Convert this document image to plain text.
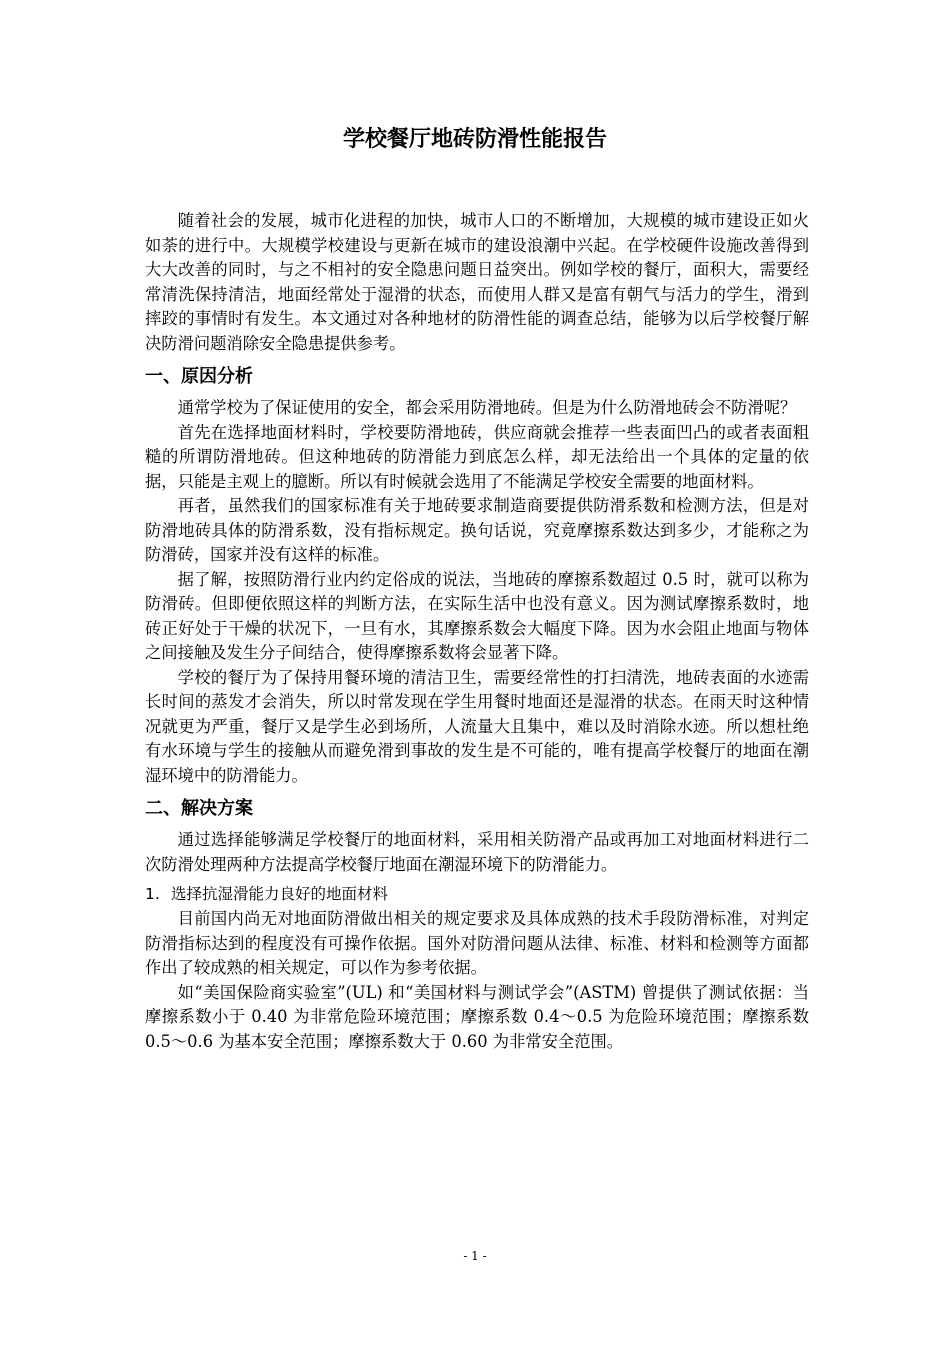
学校餐厅地砖防滑性能报告

随着社会的发展，城市化进程的加快，城市人口的不断增加，大规模的城市建设正如火如荼的进行中。大规模学校建设与更新在城市的建设浪潮中兴起。在学校硬件设施改善得到大大改善的同时，与之不相衬的安全隐患问题日益突出。例如学校的餐厅，面积大，需要经常清洗保持清洁，地面经常处于湿滑的状态，而使用人群又是富有朝气与活力的学生，滑到摔跤的事情时有发生。本文通过对各种地材的防滑性能的调查总结，能够为以后学校餐厅解决防滑问题消除安全隐患提供参考。

一、原因分析

通常学校为了保证使用的安全，都会采用防滑地砖。但是为什么防滑地砖会不防滑呢？

首先在选择地面材料时，学校要防滑地砖，供应商就会推荐一些表面凹凸的或者表面粗糙的所谓防滑地砖。但这种地砖的防滑能力到底怎么样，却无法给出一个具体的定量的依据，只能是主观上的臆断。所以有时候就会选用了不能满足学校安全需要的地面材料。

再者，虽然我们的国家标准有关于地砖要求制造商要提供防滑系数和检测方法，但是对防滑地砖具体的防滑系数，没有指标规定。换句话说，究竟摩擦系数达到多少，才能称之为防滑砖，国家并没有这样的标准。

据了解，按照防滑行业内约定俗成的说法，当地砖的摩擦系数超过 0.5 时，就可以称为防滑砖。但即便依照这样的判断方法，在实际生活中也没有意义。因为测试摩擦系数时，地砖正好处于干燥的状况下，一旦有水，其摩擦系数会大幅度下降。因为水会阻止地面与物体之间接触及发生分子间结合，使得摩擦系数将会显著下降。

学校的餐厅为了保持用餐环境的清洁卫生，需要经常性的打扫清洗，地砖表面的水迹需长时间的蒸发才会消失，所以时常发现在学生用餐时地面还是湿滑的状态。在雨天时这种情况就更为严重，餐厅又是学生必到场所，人流量大且集中，难以及时消除水迹。所以想杜绝有水环境与学生的接触从而避免滑到事故的发生是不可能的，唯有提高学校餐厅的地面在潮湿环境中的防滑能力。

二、解决方案

通过选择能够满足学校餐厅的地面材料，采用相关防滑产品或再加工对地面材料进行二次防滑处理两种方法提高学校餐厅地面在潮湿环境下的防滑能力。

1. 选择抗湿滑能力良好的地面材料

目前国内尚无对地面防滑做出相关的规定要求及具体成熟的技术手段防滑标准，对判定防滑指标达到的程度没有可操作依据。国外对防滑问题从法律、标准、材料和检测等方面都作出了较成熟的相关规定，可以作为参考依据。

如“美国保险商实验室”(UL) 和“美国材料与测试学会”(ASTM) 曾提供了测试依据：当摩擦系数小于 0.40 为非常危险环境范围；摩擦系数 0.4～0.5 为危险环境范围；摩擦系数 0.5～0.6 为基本安全范围；摩擦系数大于 0.60 为非常安全范围。

- 1 -
